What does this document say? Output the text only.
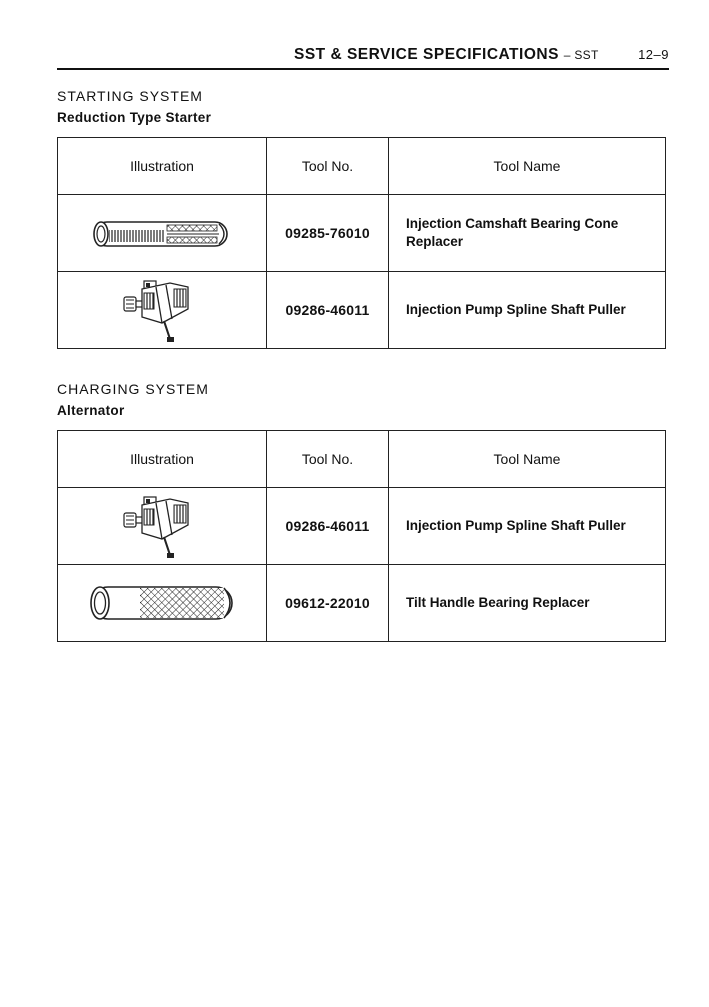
SST & SERVICE SPECIFICATIONS – SST	12–9
STARTING SYSTEM
Reduction Type Starter
Illustration	Tool No.	Tool Name

	09285-76010	Injection Camshaft Bearing Cone Replacer

	09286-46011	Injection Pump Spline Shaft Puller
CHARGING SYSTEM
Alternator
Illustration	Tool No.	Tool Name

	09286-46011	Injection Pump Spline Shaft Puller

	09612-22010	Tilt Handle Bearing Replacer
